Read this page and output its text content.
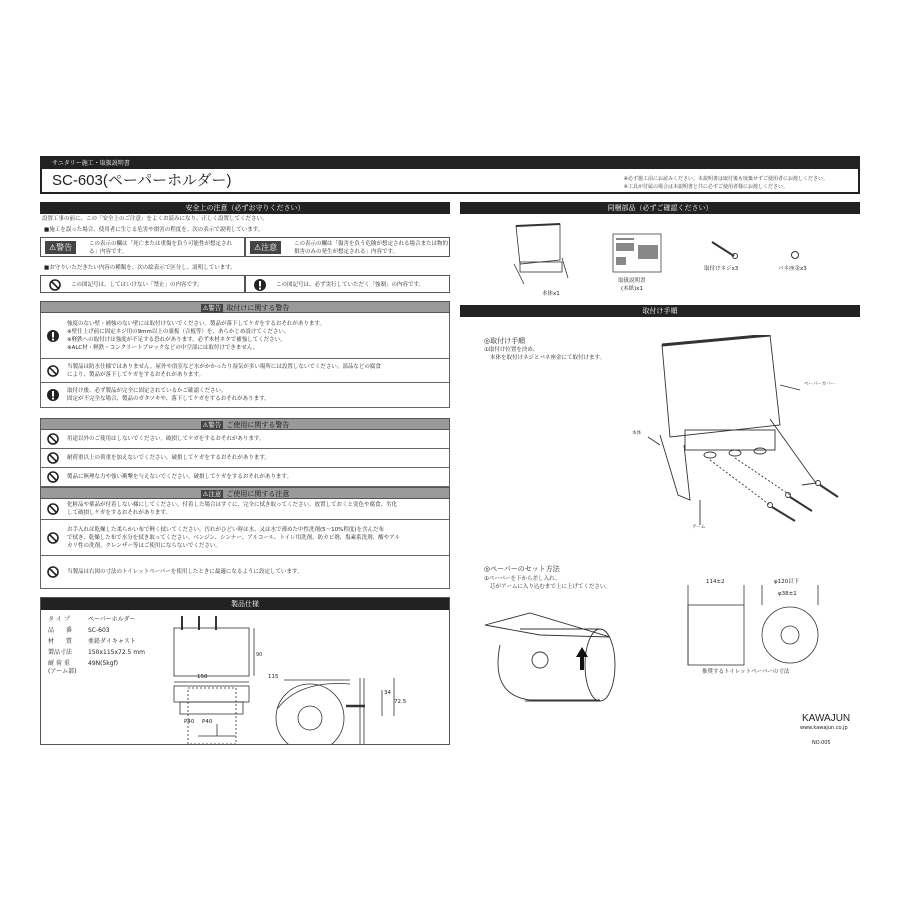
サニタリー施工・取扱説明書
SC-603(ペーパーホルダー)	※必ず施工前にお読みください。本説明書は取付後も廃棄せずご使用者にお渡しください。
※工具が付属の場合は本説明書と共に必ずご使用者様にお渡しください。
安全上の注意（必ずお守りください）
設置工事の前に、この「安全上のご注意」をよくお読みになり、正しく設置してください。
■施工を誤った場合、使用者に生じる危害や損害の程度を、次の表示で説明しています。
⚠警告	この表示の欄は「死亡または重傷を負う可能性が想定される」内容です。	⚠注意	この表示の欄は「傷害を負う危険が想定される場合または物的損害のみの発生が想定される」内容です。
■お守りいただきたい内容の種類を、次の絵表示で区分し、説明しています。
この図記号は、してはいけない「禁止」の内容です。	この図記号は、必ず実行していただく「強制」の内容です。
⚠警告 取付けに関する警告
強度のない壁・補強のない壁には取付けないでください。製品が落下してケガをするおそれがあります。
※壁仕上げ前に固定ネジ用の9mm以上の裏板（合板等）を、あらかじめ設けてください。
※軽鉄への取付けは強度が不足する恐れがあります。必ず木材ネタで補強してください。
※ALC材・軽鉄・コンクリートブロックなどの中空部には取付けできません。
当製品は防水仕様ではありません。屋外や浴室など水がかかったり湿気が多い場所には設置しないでください。部品などの腐食
により、製品が落下してケガをするおそれがあります。
取付け後、必ず製品が完全に固定されているかご確認ください。
固定が不完全な場合、製品のガタツキや、落下してケガをするおそれがあります。
⚠警告 ご使用に関する警告
用途以外のご使用はしないでください。破損してケガをするおそれがあります。
耐荷重以上の荷重を加えないでください。破損してケガをするおそれがあります。
製品に無理な力や強い衝撃を与えないでください。破損してケガをするおそれがあります。
⚠注意 ご使用に関する注意
化粧品や薬品が付着しない様にしてください。付着した場合はすぐに、完全に拭き取ってください。放置しておくと変色や腐食、劣化
して破損しケガをするおそれがあります。
お手入れは乾燥した柔らかい布で軽く拭いてください。汚れがひどい時は水、又は水で薄めた中性洗剤(5〜10%程度)を含んだ布
で拭き、乾燥した布で水分を拭き取ってください。ベンジン、シンナー、アルコール、トイレ用洗剤、防カビ剤、塩素系洗剤、酸やアル
カリ性の洗剤、クレンザー等はご使用にならないでください。
当製品は右図の寸法のトイレットペーパーを使用したときに最適になるように設定しています。
製品仕様
タ イ プ	ペーパーホルダー
品　　番	SC-603
材　　質	亜鉛ダイキャスト
製品寸法	150x115x72.5 mm
耐 荷 重	49N(5kgf)
(アーム部)
90
150	115
P40 P40
34
72.5
同梱部品（必ずご確認ください）
本体x1
取扱説明書
(本紙)x1
取付けネジx3	バネ座金x3
取付け手順
◎取付け手順
①取付け位置を決め、
本体を取付けネジとバネ座金にて取付けます。
ペーパーカバー
本体
アーム
◎ペーパーのセット方法
①ペーパーを下から差し入れ、
芯がアームに入り込むまで上に上げてください。
114±2	φ120以下
φ38±1
推奨するトイレットペーパーの寸法
KAWAJUN
www.kawajun.co.jp
NO.005
